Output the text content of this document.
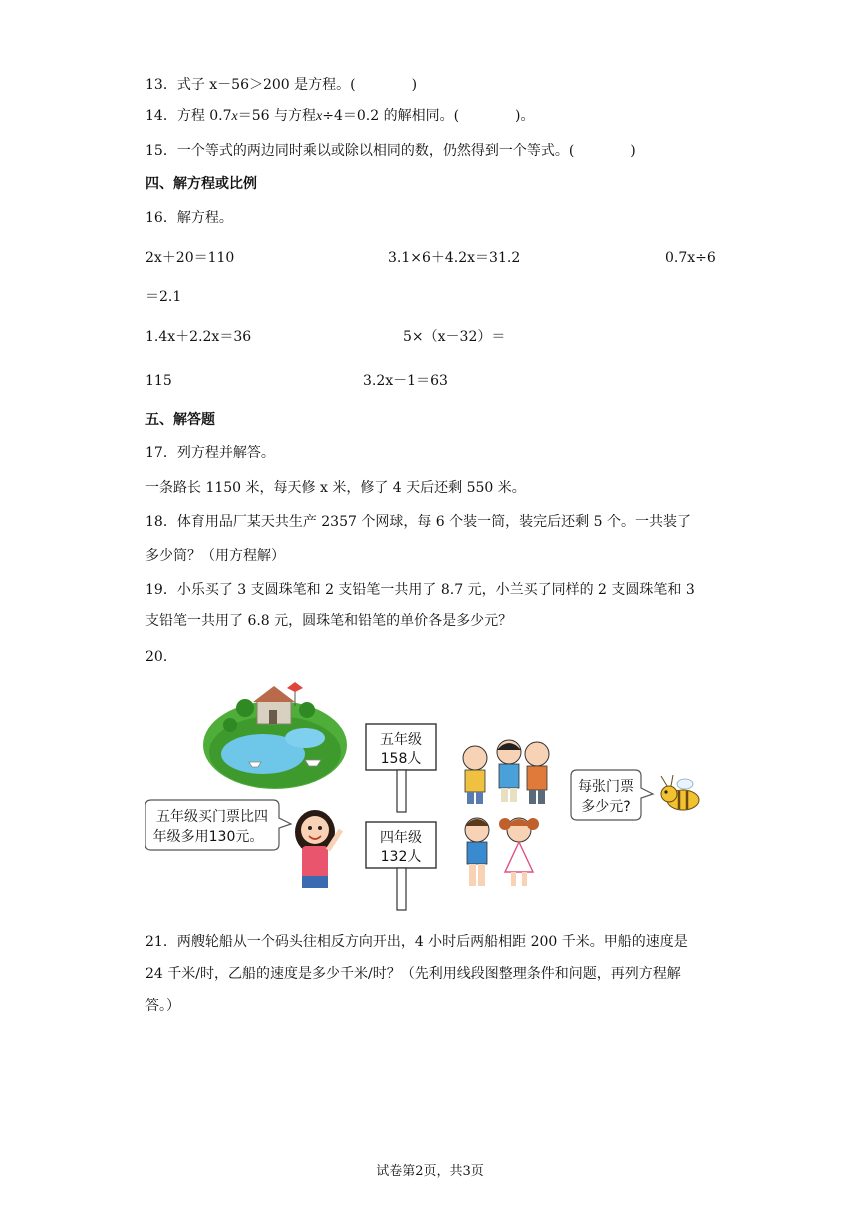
13．式子 x－56＞200 是方程。(　　　　)
14．方程 0.7x＝56 与方程x÷4＝0.2 的解相同。(　　　　)。
15．一个等式的两边同时乘以或除以相同的数，仍然得到一个等式。(　　　　)
四、解方程或比例
16．解方程。
2x＋20＝110	3.1×6＋4.2x＝31.2	0.7x÷6
＝2.1
1.4x＋2.2x＝36	5×（x－32）＝
115	3.2x－1＝63
五、解答题
17．列方程并解答。
一条路长 1150 米，每天修 x 米，修了 4 天后还剩 550 米。
18．体育用品厂某天共生产 2357 个网球，每 6 个装一筒，装完后还剩 5 个。一共装了
多少筒？（用方程解）
19．小乐买了 3 支圆珠笔和 2 支铅笔一共用了 8.7 元，小兰买了同样的 2 支圆珠笔和 3
支铅笔一共用了 6.8 元，圆珠笔和铅笔的单价各是多少元？
20．
五年级买门票比四
年级多用130元。
五年级
158人
四年级
132人
每张门票
多少元?
21．两艘轮船从一个码头往相反方向开出，4 小时后两船相距 200 千米。甲船的速度是
24 千米/时，乙船的速度是多少千米/时？（先利用线段图整理条件和问题，再列方程解
答。）
试卷第2页，共3页
